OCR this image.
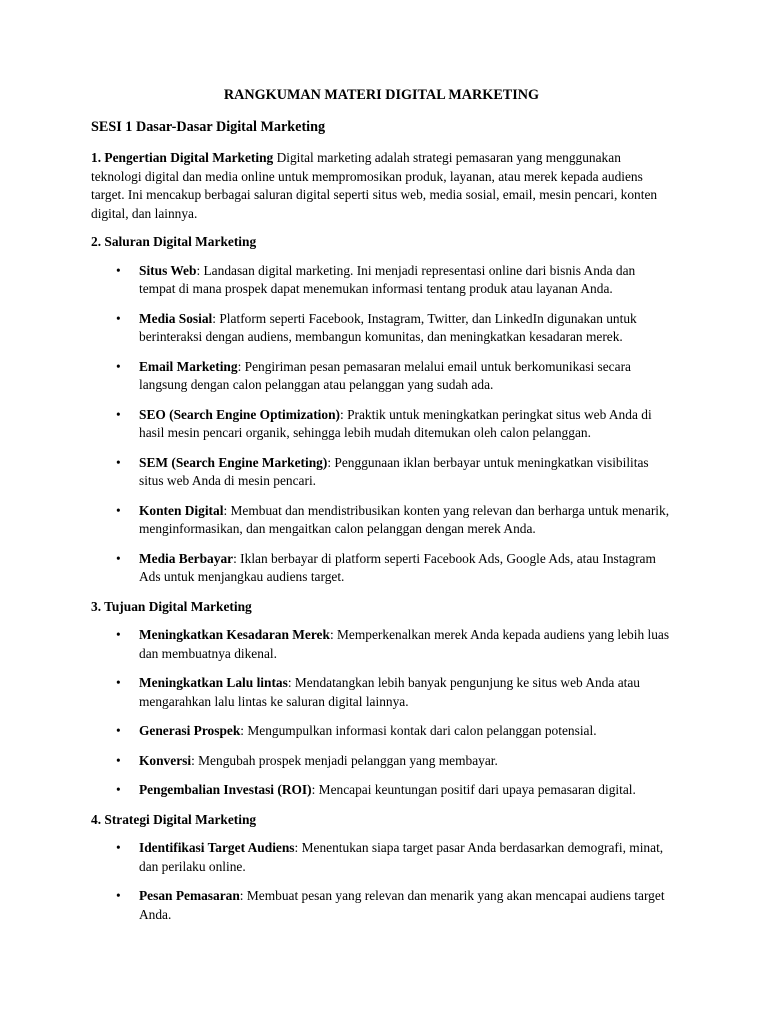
RANGKUMAN MATERI DIGITAL MARKETING
SESI 1 Dasar-Dasar Digital Marketing

1. Pengertian Digital Marketing Digital marketing adalah strategi pemasaran yang menggunakan teknologi digital dan media online untuk mempromosikan produk, layanan, atau merek kepada audiens target. Ini mencakup berbagai saluran digital seperti situs web, media sosial, email, mesin pencari, konten digital, dan lainnya.

2. Saluran Digital Marketing
• Situs Web: Landasan digital marketing. Ini menjadi representasi online dari bisnis Anda dan tempat di mana prospek dapat menemukan informasi tentang produk atau layanan Anda.
• Media Sosial: Platform seperti Facebook, Instagram, Twitter, dan LinkedIn digunakan untuk berinteraksi dengan audiens, membangun komunitas, dan meningkatkan kesadaran merek.
• Email Marketing: Pengiriman pesan pemasaran melalui email untuk berkomunikasi secara langsung dengan calon pelanggan atau pelanggan yang sudah ada.
• SEO (Search Engine Optimization): Praktik untuk meningkatkan peringkat situs web Anda di hasil mesin pencari organik, sehingga lebih mudah ditemukan oleh calon pelanggan.
• SEM (Search Engine Marketing): Penggunaan iklan berbayar untuk meningkatkan visibilitas situs web Anda di mesin pencari.
• Konten Digital: Membuat dan mendistribusikan konten yang relevan dan berharga untuk menarik, menginformasikan, dan mengaitkan calon pelanggan dengan merek Anda.
• Media Berbayar: Iklan berbayar di platform seperti Facebook Ads, Google Ads, atau Instagram Ads untuk menjangkau audiens target.
3. Tujuan Digital Marketing
• Meningkatkan Kesadaran Merek: Memperkenalkan merek Anda kepada audiens yang lebih luas dan membuatnya dikenal.
• Meningkatkan Lalu lintas: Mendatangkan lebih banyak pengunjung ke situs web Anda atau mengarahkan lalu lintas ke saluran digital lainnya.
• Generasi Prospek: Mengumpulkan informasi kontak dari calon pelanggan potensial.
• Konversi: Mengubah prospek menjadi pelanggan yang membayar.
• Pengembalian Investasi (ROI): Mencapai keuntungan positif dari upaya pemasaran digital.
4. Strategi Digital Marketing
• Identifikasi Target Audiens: Menentukan siapa target pasar Anda berdasarkan demografi, minat, dan perilaku online.
• Pesan Pemasaran: Membuat pesan yang relevan dan menarik yang akan mencapai audiens target Anda.
